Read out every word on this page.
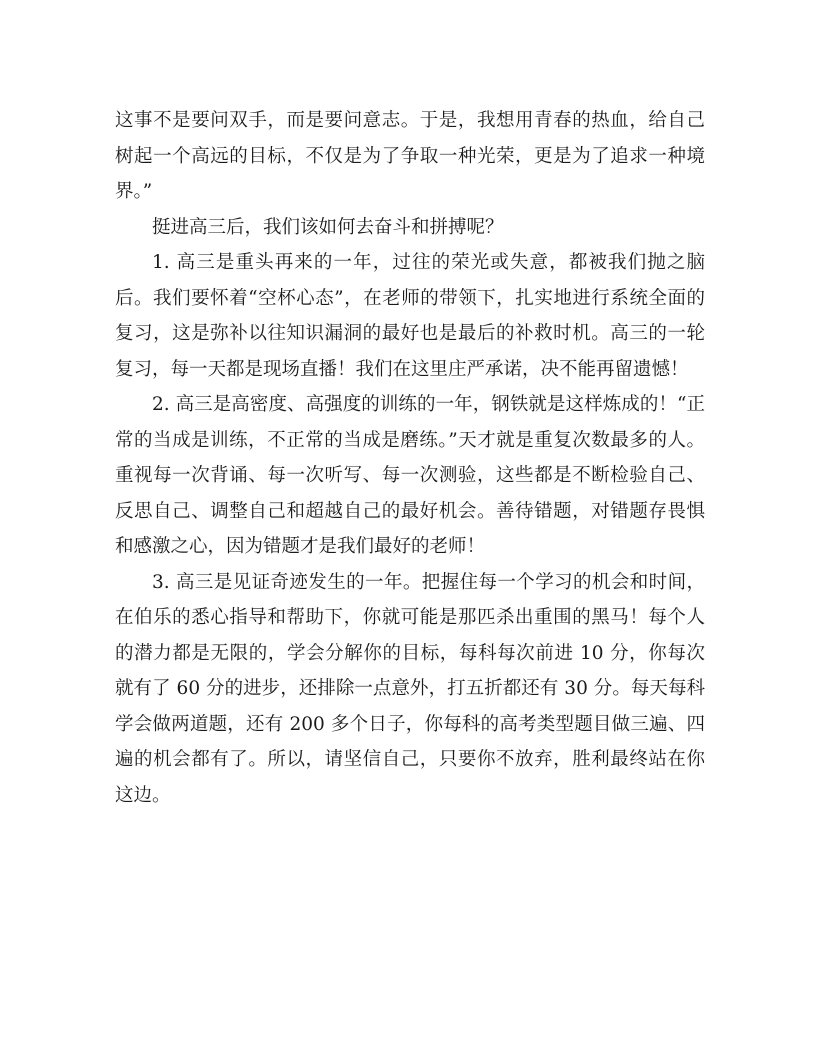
这事不是要问双手，而是要问意志。于是，我想用青春的热血，给自己树起一个高远的目标，不仅是为了争取一种光荣，更是为了追求一种境界。”

挺进高三后，我们该如何去奋斗和拼搏呢？

1. 高三是重头再来的一年，过往的荣光或失意，都被我们抛之脑后。我们要怀着“空杯心态”，在老师的带领下，扎实地进行系统全面的复习，这是弥补以往知识漏洞的最好也是最后的补救时机。高三的一轮复习，每一天都是现场直播！我们在这里庄严承诺，决不能再留遗憾！

2. 高三是高密度、高强度的训练的一年，钢铁就是这样炼成的！“正常的当成是训练，不正常的当成是磨练。”天才就是重复次数最多的人。重视每一次背诵、每一次听写、每一次测验，这些都是不断检验自己、反思自己、调整自己和超越自己的最好机会。善待错题，对错题存畏惧和感激之心，因为错题才是我们最好的老师！

3. 高三是见证奇迹发生的一年。把握住每一个学习的机会和时间，在伯乐的悉心指导和帮助下，你就可能是那匹杀出重围的黑马！每个人的潜力都是无限的，学会分解你的目标，每科每次前进 10 分，你每次就有了 60 分的进步，还排除一点意外，打五折都还有 30 分。每天每科学会做两道题，还有 200 多个日子，你每科的高考类型题目做三遍、四遍的机会都有了。所以，请坚信自己，只要你不放弃，胜利最终站在你这边。
